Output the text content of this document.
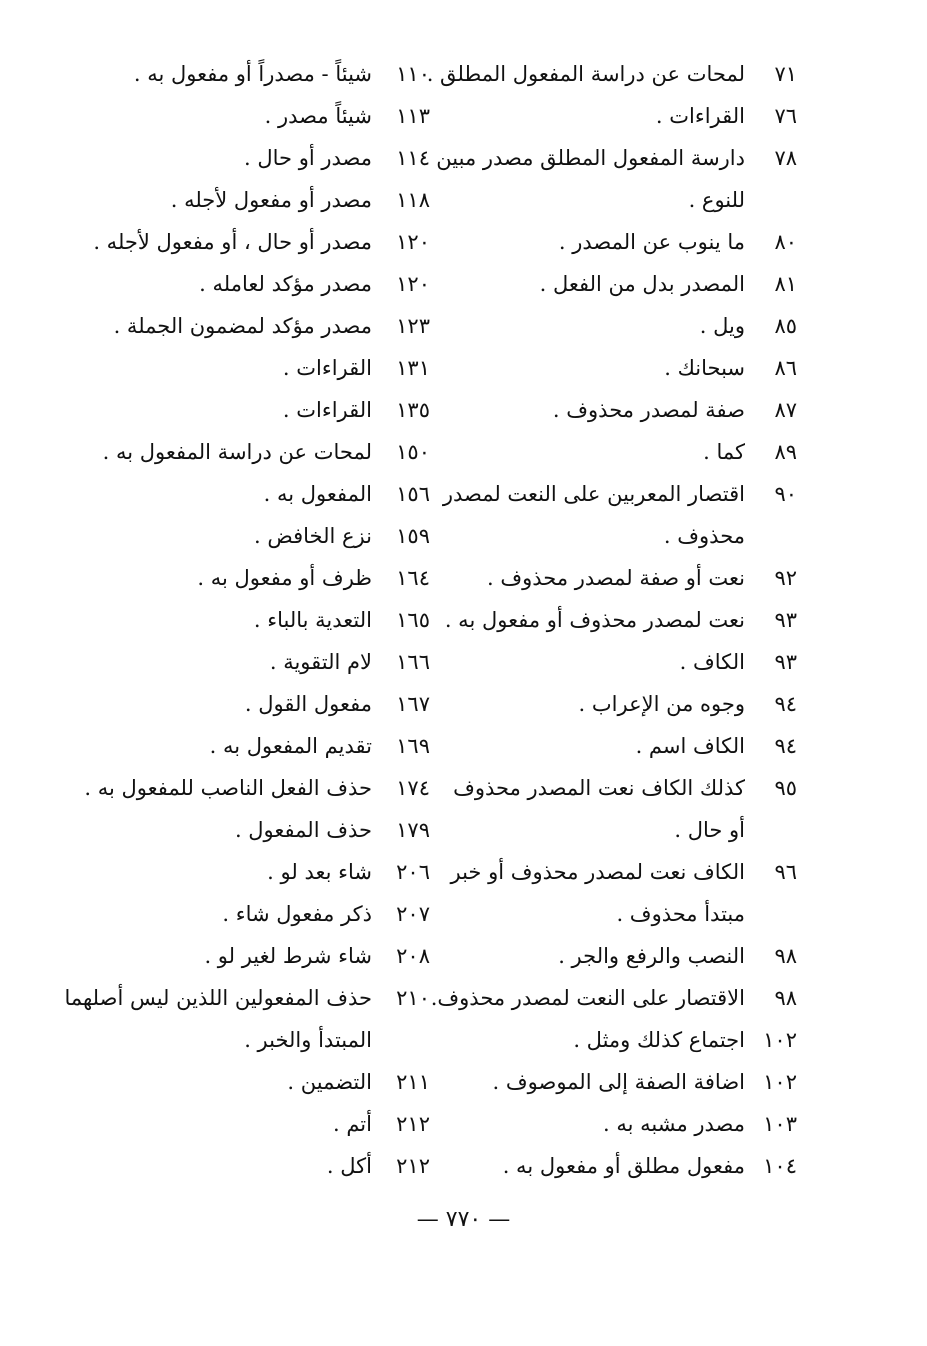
٧١
لمحات عن دراسة المفعول المطلق .
٧٦
القراءات .
٧٨
دارسة المفعول المطلق مصدر مبين
للنوع .
٨٠
ما ينوب عن المصدر .
٨١
المصدر بدل من الفعل .
٨٥
ويل .
٨٦
سبحانك .
٨٧
صفة لمصدر محذوف .
٨٩
كما .
٩٠
اقتصار المعربين على النعت لمصدر
محذوف .
٩٢
نعت أو صفة لمصدر محذوف .
٩٣
نعت لمصدر محذوف أو مفعول به .
٩٣
الكاف .
٩٤
وجوه من الإعراب .
٩٤
الكاف اسم .
٩٥
كذلك الكاف نعت المصدر محذوف
أو حال .
٩٦
الكاف نعت لمصدر محذوف أو خبر
مبتدأ محذوف .
٩٨
النصب والرفع والجر .
٩٨
الاقتصار على النعت لمصدر محذوف.
١٠٢
اجتماع كذلك ومثل .
١٠٢
اضافة الصفة إلى الموصوف .
١٠٣
مصدر مشبه به .
١٠٤
مفعول مطلق أو مفعول به .
١١٠
شيئاً - مصدراً أو مفعول به .
١١٣
شيئاً مصدر .
١١٤
مصدر أو حال .
١١٨
مصدر أو مفعول لأجله .
١٢٠
مصدر أو حال ، أو مفعول لأجله .
١٢٠
مصدر مؤكد لعامله .
١٢٣
مصدر مؤكد لمضمون الجملة .
١٣١
القراءات .
١٣٥
القراءات .
١٥٠
لمحات عن دراسة المفعول به .
١٥٦
المفعول به .
١٥٩
نزع الخافض .
١٦٤
ظرف أو مفعول به .
١٦٥
التعدية بالباء .
١٦٦
لام التقوية .
١٦٧
مفعول القول .
١٦٩
تقديم المفعول به .
١٧٤
حذف الفعل الناصب للمفعول به .
١٧٩
حذف المفعول .
٢٠٦
شاء بعد لو .
٢٠٧
ذكر مفعول شاء .
٢٠٨
شاء شرط لغير لو .
٢١٠
حذف المفعولين اللذين ليس أصلهما
المبتدأ والخبر .
٢١١
التضمين .
٢١٢
أتم .
٢١٢
أكل .
— ٧٧٠ —
